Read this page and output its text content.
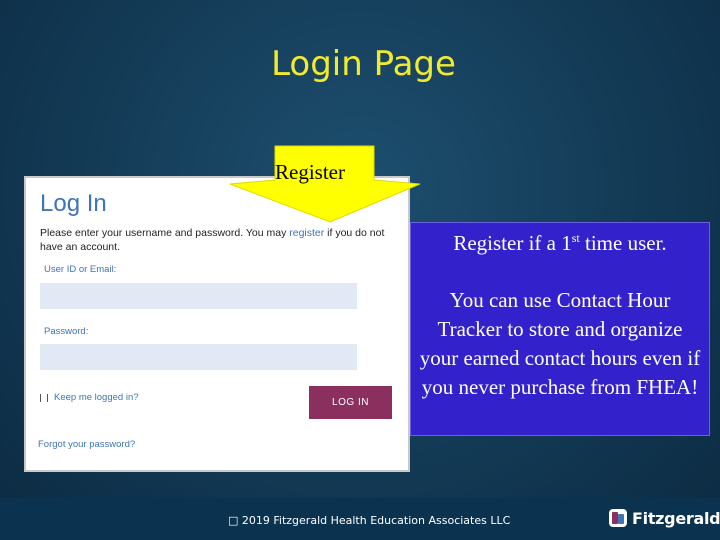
Login Page
Log In
Please enter your username and password. You may register if you do not have an account.
User ID or Email:
Password:
Keep me logged in?	LOG IN
Forgot your password?
Register
Register if a 1st time user.
You can use Contact Hour Tracker to store and organize your earned contact hours even if you never purchase from FHEA!
□ 2019 Fitzgerald Health Education Associates LLC	Fitzgerald
